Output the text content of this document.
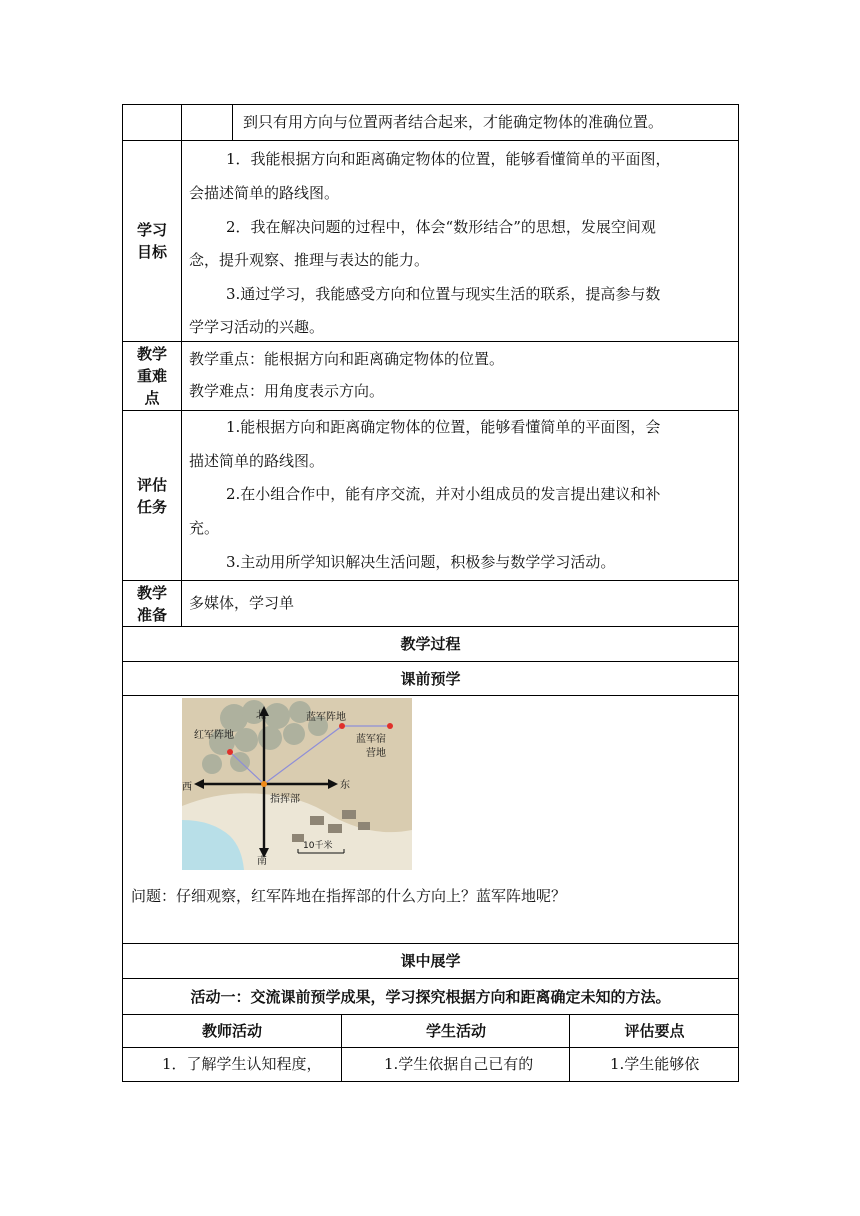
到只有用方向与位置两者结合起来，才能确定物体的准确位置。
学习目标
1．我能根据方向和距离确定物体的位置，能够看懂简单的平面图，
会描述简单的路线图。
2．我在解决问题的过程中，体会“数形结合”的思想，发展空间观
念，提升观察、推理与表达的能力。
3.通过学习，我能感受方向和位置与现实生活的联系，提高参与数
学学习活动的兴趣。
教学重难点
教学重点：能根据方向和距离确定物体的位置。
教学难点：用角度表示方向。
评估任务
1.能根据方向和距离确定物体的位置，能够看懂简单的平面图，会
描述简单的路线图。
2.在小组合作中，能有序交流，并对小组成员的发言提出建议和补
充。
3.主动用所学知识解决生活问题，积极参与数学学习活动。
教学准备
多媒体，学习单
教学过程
课前预学
北
南
东
西
红军阵地
蓝军阵地
蓝军宿
营地
指挥部
10千米
问题：仔细观察，红军阵地在指挥部的什么方向上？蓝军阵地呢？
课中展学
活动一：交流课前预学成果，学习探究根据方向和距离确定未知的方法。
教师活动	学生活动	评估要点
1．了解学生认知程度，	1.学生依据自己已有的	1.学生能够依
